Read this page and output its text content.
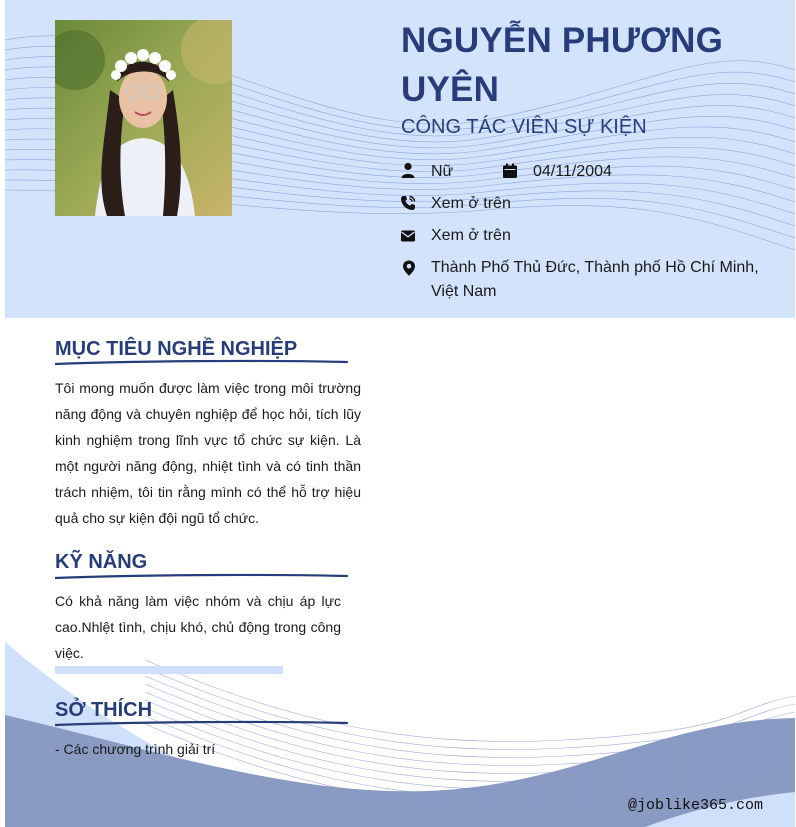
NGUYỄN PHƯƠNG UYÊN
CÔNG TÁC VIÊN SỰ KIỆN
Nữ	04/11/2004
Xem ở trên
Xem ở trên
Thành Phố Thủ Đức, Thành phố Hồ Chí Minh, Việt Nam
MỤC TIÊU NGHỀ NGHIỆP
Tôi mong muốn được làm việc trong môi trường năng động và chuyên nghiệp để học hỏi, tích lũy kinh nghiệm trong lĩnh vực tổ chức sự kiện. Là một người năng động, nhiệt tình và có tinh thần trách nhiệm, tôi tin rằng mình có thể hỗ trợ hiệu quả cho sự kiện đội ngũ tổ chức.
KỸ NĂNG
Có khả năng làm việc nhóm và chịu áp lực cao.Nhlệt tình, chịu khó, chủ động trong công việc.
SỞ THÍCH
- Các chương trình giải trí
@joblike365.com
